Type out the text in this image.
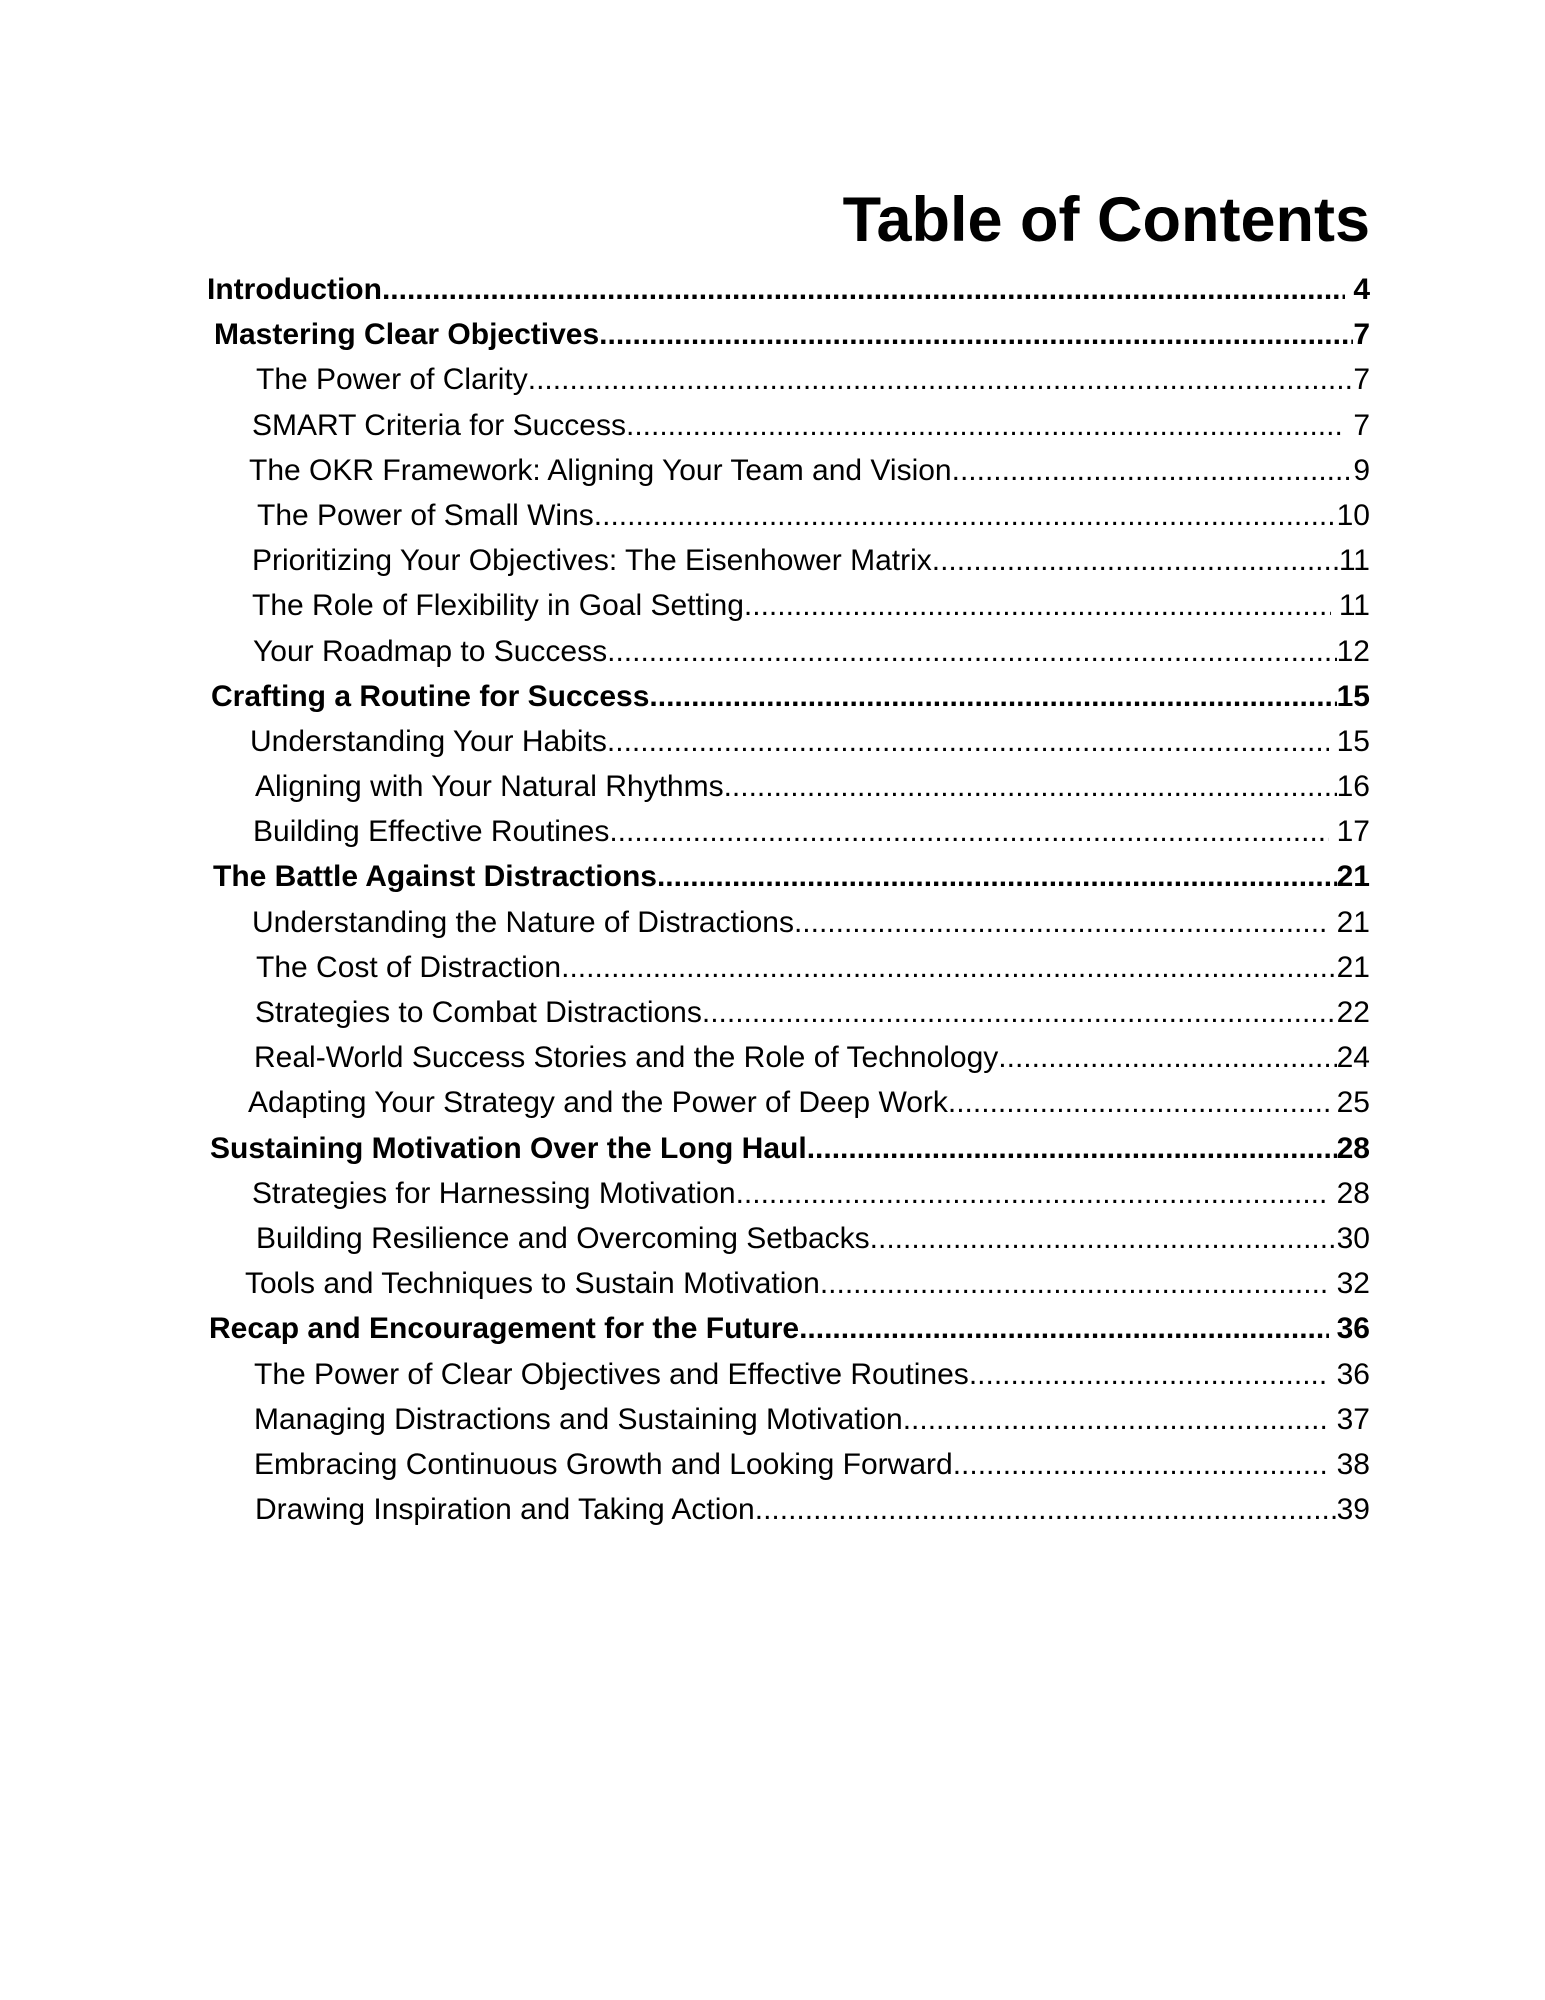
Table of Contents
Introduction .....	4
Mastering Clear Objectives .....	7
The Power of Clarity .....	7
SMART Criteria for Success .....	7
The OKR Framework: Aligning Your Team and Vision .....	9
The Power of Small Wins .....	10
Prioritizing Your Objectives: The Eisenhower Matrix .....	11
The Role of Flexibility in Goal Setting .....	11
Your Roadmap to Success .....	12
Crafting a Routine for Success .....	15
Understanding Your Habits .....	15
Aligning with Your Natural Rhythms .....	16
Building Effective Routines .....	17
The Battle Against Distractions .....	21
Understanding the Nature of Distractions .....	21
The Cost of Distraction .....	21
Strategies to Combat Distractions .....	22
Real-World Success Stories and the Role of Technology .....	24
Adapting Your Strategy and the Power of Deep Work .....	25
Sustaining Motivation Over the Long Haul .....	28
Strategies for Harnessing Motivation .....	28
Building Resilience and Overcoming Setbacks .....	30
Tools and Techniques to Sustain Motivation .....	32
Recap and Encouragement for the Future .....	36
The Power of Clear Objectives and Effective Routines .....	36
Managing Distractions and Sustaining Motivation .....	37
Embracing Continuous Growth and Looking Forward .....	38
Drawing Inspiration and Taking Action .....	39
